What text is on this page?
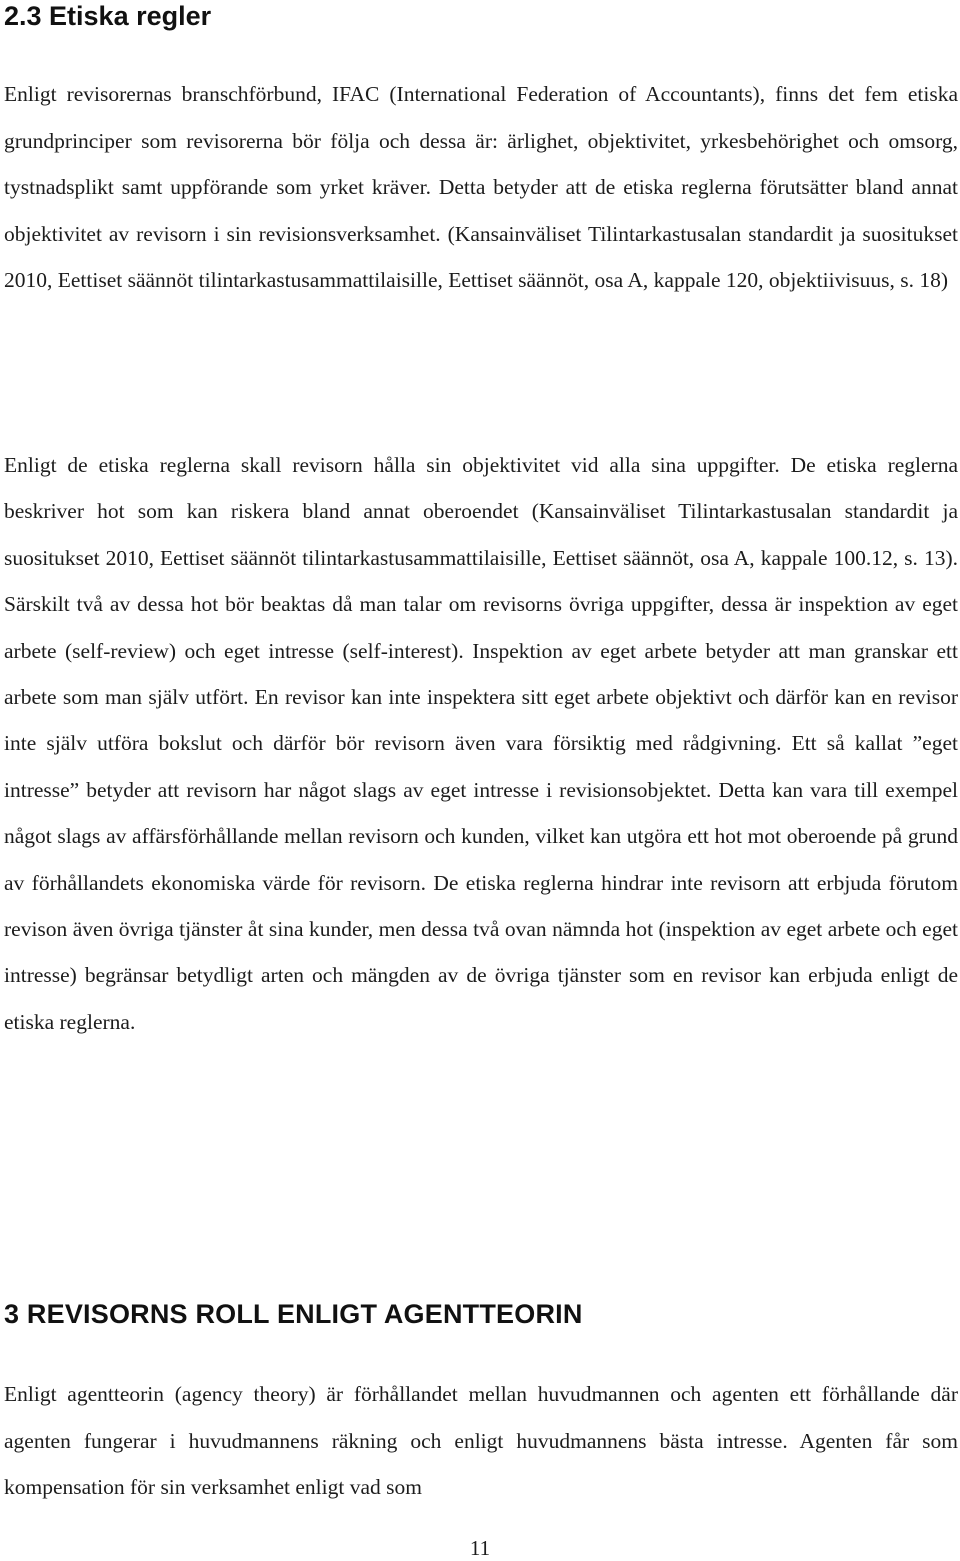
2.3 Etiska regler

Enligt revisorernas branschförbund, IFAC (International Federation of Accountants), finns det fem etiska grundprinciper som revisorerna bör följa och dessa är: ärlighet, objektivitet, yrkesbehörighet och omsorg, tystnadsplikt samt uppförande som yrket kräver. Detta betyder att de etiska reglerna förutsätter bland annat objektivitet av revisorn i sin revisionsverksamhet. (Kansainväliset Tilintarkastusalan standardit ja suositukset 2010, Eettiset säännöt tilintarkastusammattilaisille, Eettiset säännöt, osa A, kappale 120, objektiivisuus, s. 18)

Enligt de etiska reglerna skall revisorn hålla sin objektivitet vid alla sina uppgifter. De etiska reglerna beskriver hot som kan riskera bland annat oberoendet (Kansainväliset Tilintarkastusalan standardit ja suositukset 2010, Eettiset säännöt tilintarkastusammattilaisille, Eettiset säännöt, osa A, kappale 100.12, s. 13). Särskilt två av dessa hot bör beaktas då man talar om revisorns övriga uppgifter, dessa är inspektion av eget arbete (self-review) och eget intresse (self-interest). Inspektion av eget arbete betyder att man granskar ett arbete som man själv utfört. En revisor kan inte inspektera sitt eget arbete objektivt och därför kan en revisor inte själv utföra bokslut och därför bör revisorn även vara försiktig med rådgivning. Ett så kallat ”eget intresse” betyder att revisorn har något slags av eget intresse i revisionsobjektet. Detta kan vara till exempel något slags av affärsförhållande mellan revisorn och kunden, vilket kan utgöra ett hot mot oberoende på grund av förhållandets ekonomiska värde för revisorn. De etiska reglerna hindrar inte revisorn att erbjuda förutom revison även övriga tjänster åt sina kunder, men dessa två ovan nämnda hot (inspektion av eget arbete och eget intresse) begränsar betydligt arten och mängden av de övriga tjänster som en revisor kan erbjuda enligt de etiska reglerna.

3 REVISORNS ROLL ENLIGT AGENTTEORIN

Enligt agentteorin (agency theory) är förhållandet mellan huvudmannen och agenten ett förhållande där agenten fungerar i huvudmannens räkning och enligt huvudmannens bästa intresse. Agenten får som kompensation för sin verksamhet enligt vad som

11
